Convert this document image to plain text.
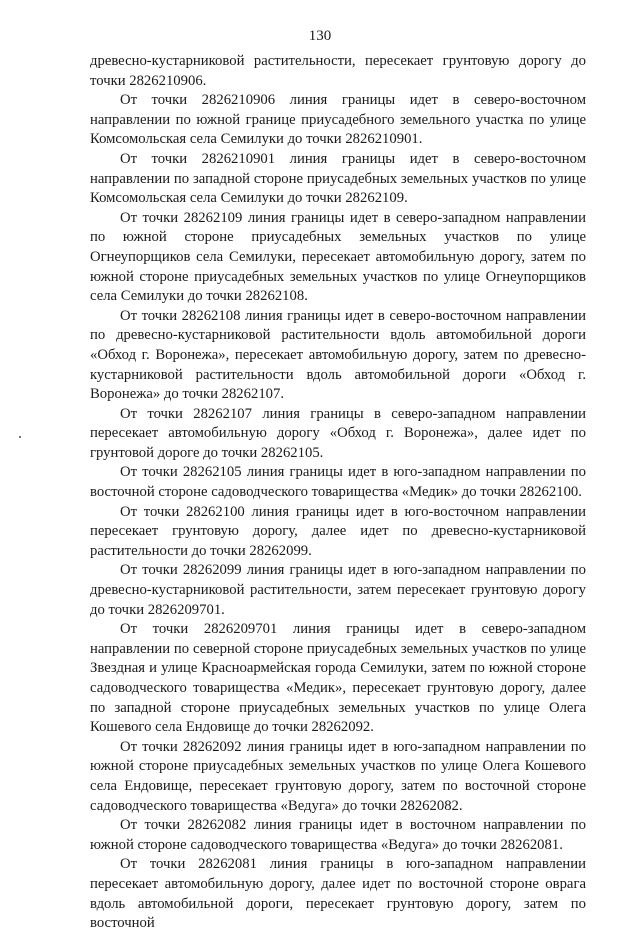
130

древесно-кустарниковой растительности, пересекает грунтовую дорогу до точки 2826210906.

От точки 2826210906 линия границы идет в северо-восточном направлении по южной границе приусадебного земельного участка по улице Комсомольская села Семилуки до точки 2826210901.

От точки 2826210901 линия границы идет в северо-восточном направлении по западной стороне приусадебных земельных участков по улице Комсомольская села Семилуки до точки 28262109.

От точки 28262109 линия границы идет в северо-западном направлении по южной стороне приусадебных земельных участков по улице Огнеупорщиков села Семилуки, пересекает автомобильную дорогу, затем по южной стороне приусадебных земельных участков по улице Огнеупорщиков села Семилуки до точки 28262108.

От точки 28262108 линия границы идет в северо-восточном направлении по древесно-кустарниковой растительности вдоль автомобильной дороги «Обход г. Воронежа», пересекает автомобильную дорогу, затем по древесно-кустарниковой растительности вдоль автомобильной дороги «Обход г. Воронежа» до точки 28262107.

От точки 28262107 линия границы в северо-западном направлении пересекает автомобильную дорогу «Обход г. Воронежа», далее идет по грунтовой дороге до точки 28262105.

От точки 28262105 линия границы идет в юго-западном направлении по восточной стороне садоводческого товарищества «Медик» до точки 28262100.

От точки 28262100 линия границы идет в юго-восточном направлении пересекает грунтовую дорогу, далее идет по древесно-кустарниковой растительности до точки 28262099.

От точки 28262099 линия границы идет в юго-западном направлении по древесно-кустарниковой растительности, затем пересекает грунтовую дорогу до точки 2826209701.

От точки 2826209701 линия границы идет в северо-западном направлении по северной стороне приусадебных земельных участков по улице Звездная и улице Красноармейская города Семилуки, затем по южной стороне садоводческого товарищества «Медик», пересекает грунтовую дорогу, далее по западной стороне приусадебных земельных участков по улице Олега Кошевого села Ендовище до точки 28262092.

От точки 28262092 линия границы идет в юго-западном направлении по южной стороне приусадебных земельных участков по улице Олега Кошевого села Ендовище, пересекает грунтовую дорогу, затем по восточной стороне садоводческого товарищества «Ведуга» до точки 28262082.

От точки 28262082 линия границы идет в восточном направлении по южной стороне садоводческого товарищества «Ведуга» до точки 28262081.

От точки 28262081 линия границы в юго-западном направлении пересекает автомобильную дорогу, далее идет по восточной стороне оврага вдоль автомобильной дороги, пересекает грунтовую дорогу, затем по восточной
